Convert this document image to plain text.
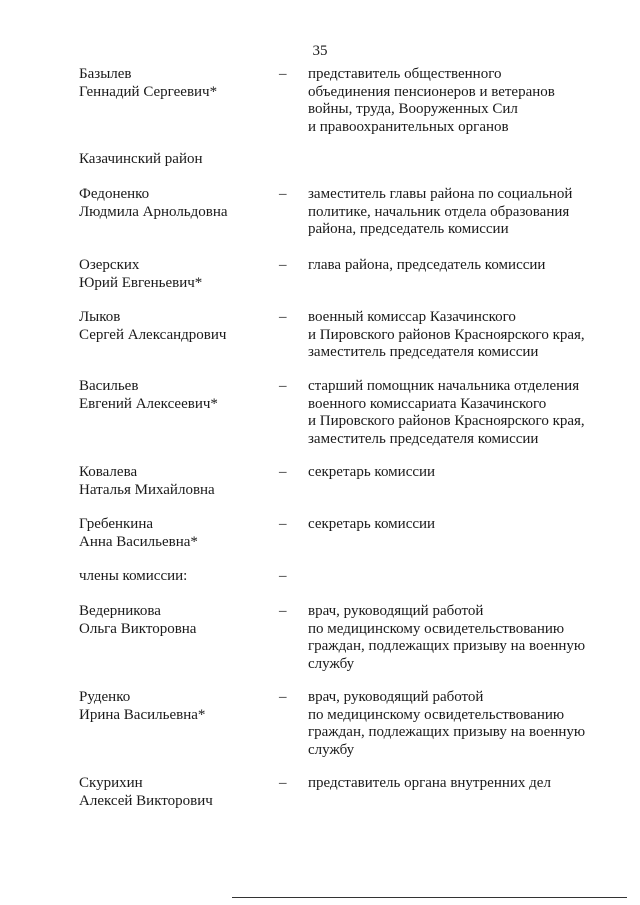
35
Базылев
Геннадий Сергеевич*
– представитель общественного
объединения пенсионеров и ветеранов
войны, труда, Вооруженных Сил
и правоохранительных органов
Казачинский район
Федоненко
Людмила Арнольдовна
– заместитель главы района по социальной
политике, начальник отдела образования
района, председатель комиссии
Озерских
Юрий Евгеньевич*
– глава района, председатель комиссии
Лыков
Сергей Александрович
– военный комиссар Казачинского
и Пировского районов Красноярского края,
заместитель председателя комиссии
Васильев
Евгений Алексеевич*
– старший помощник начальника отделения
военного комиссариата Казачинского
и Пировского районов Красноярского края,
заместитель председателя комиссии
Ковалева
Наталья Михайловна
– секретарь комиссии
Гребенкина
Анна Васильевна*
– секретарь комиссии
члены комиссии:	–
Ведерникова
Ольга Викторовна
– врач, руководящий работой
по медицинскому освидетельствованию
граждан, подлежащих призыву на военную
службу
Руденко
Ирина Васильевна*
– врач, руководящий работой
по медицинскому освидетельствованию
граждан, подлежащих призыву на военную
службу
Скурихин
Алексей Викторович
– представитель органа внутренних дел
